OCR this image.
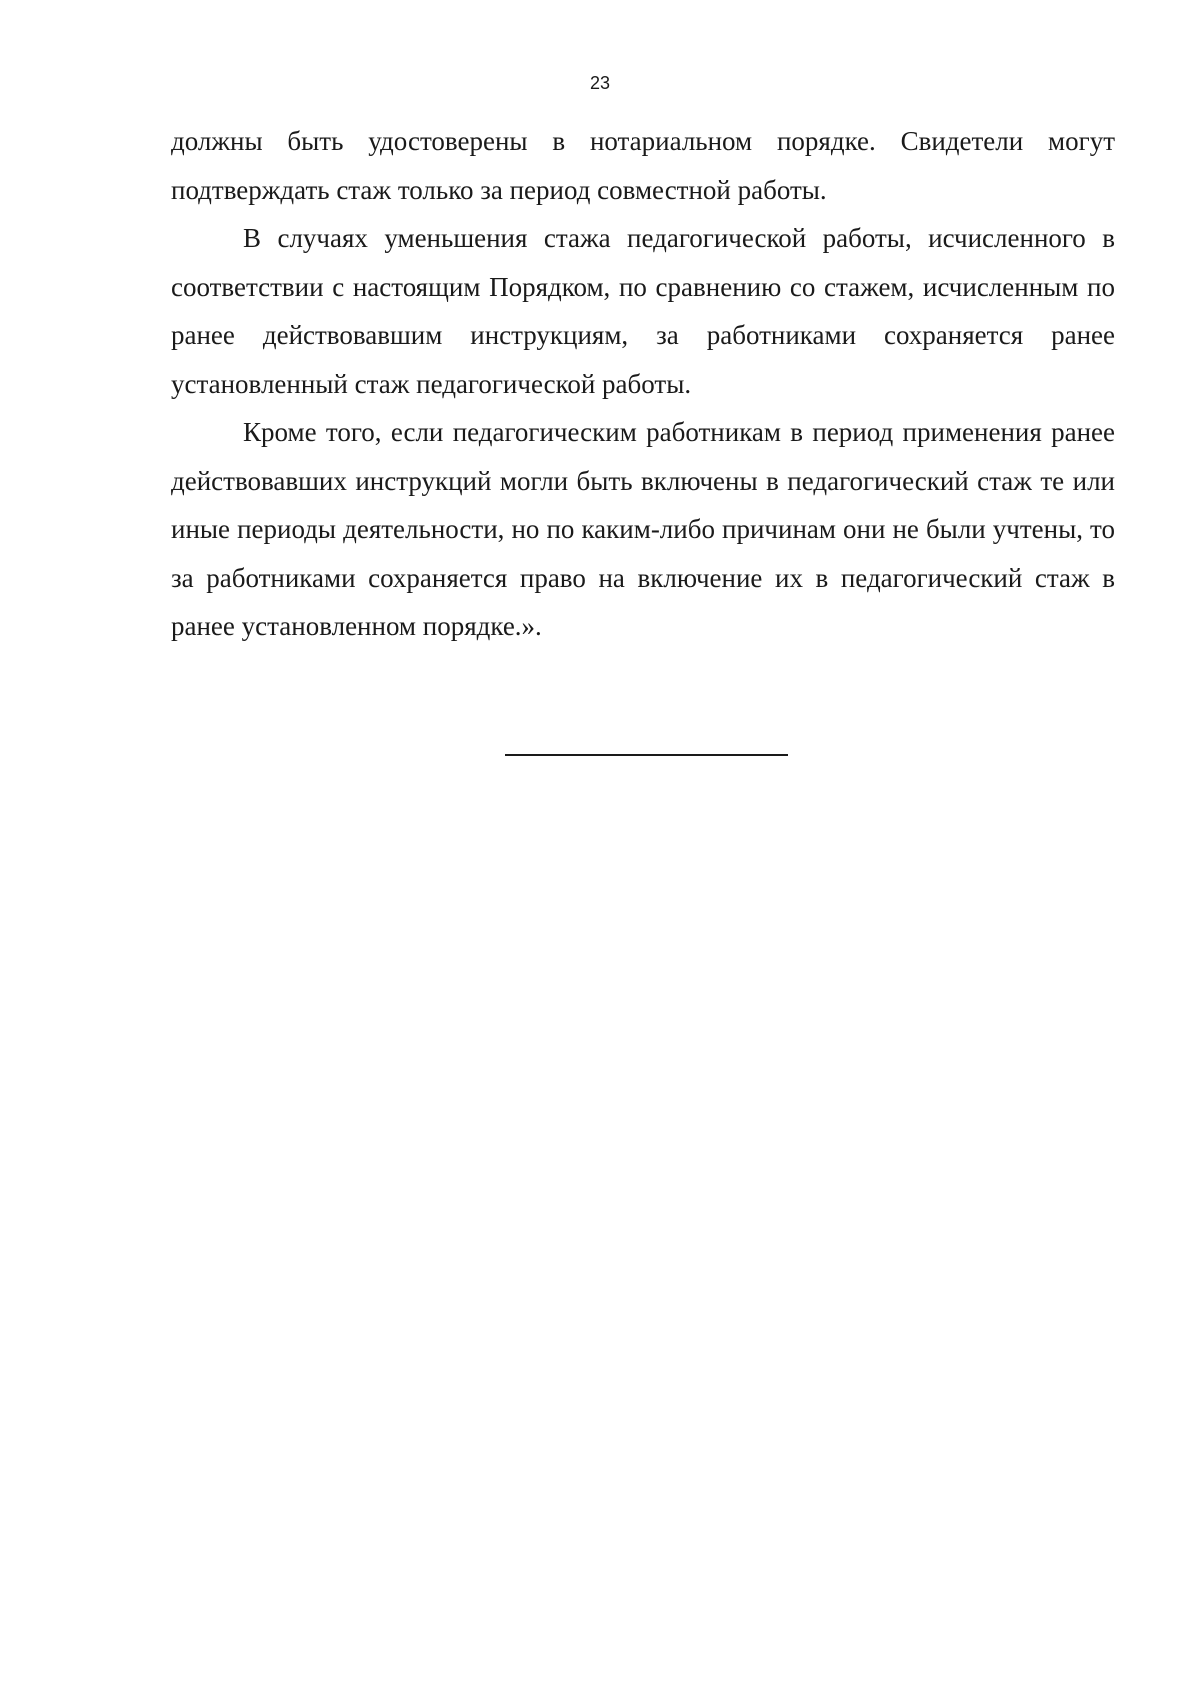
23

должны быть удостоверены в нотариальном порядке. Свидетели могут подтверждать стаж только за период совместной работы.

В случаях уменьшения стажа педагогической работы, исчисленного в соответствии с настоящим Порядком, по сравнению со стажем, исчисленным по ранее действовавшим инструкциям, за работниками сохраняется ранее установленный стаж педагогической работы.

Кроме того, если педагогическим работникам в период применения ранее действовавших инструкций могли быть включены в педагогический стаж те или иные периоды деятельности, но по каким-либо причинам они не были учтены, то за работниками сохраняется право на включение их в педагогический стаж в ранее установленном порядке.».
